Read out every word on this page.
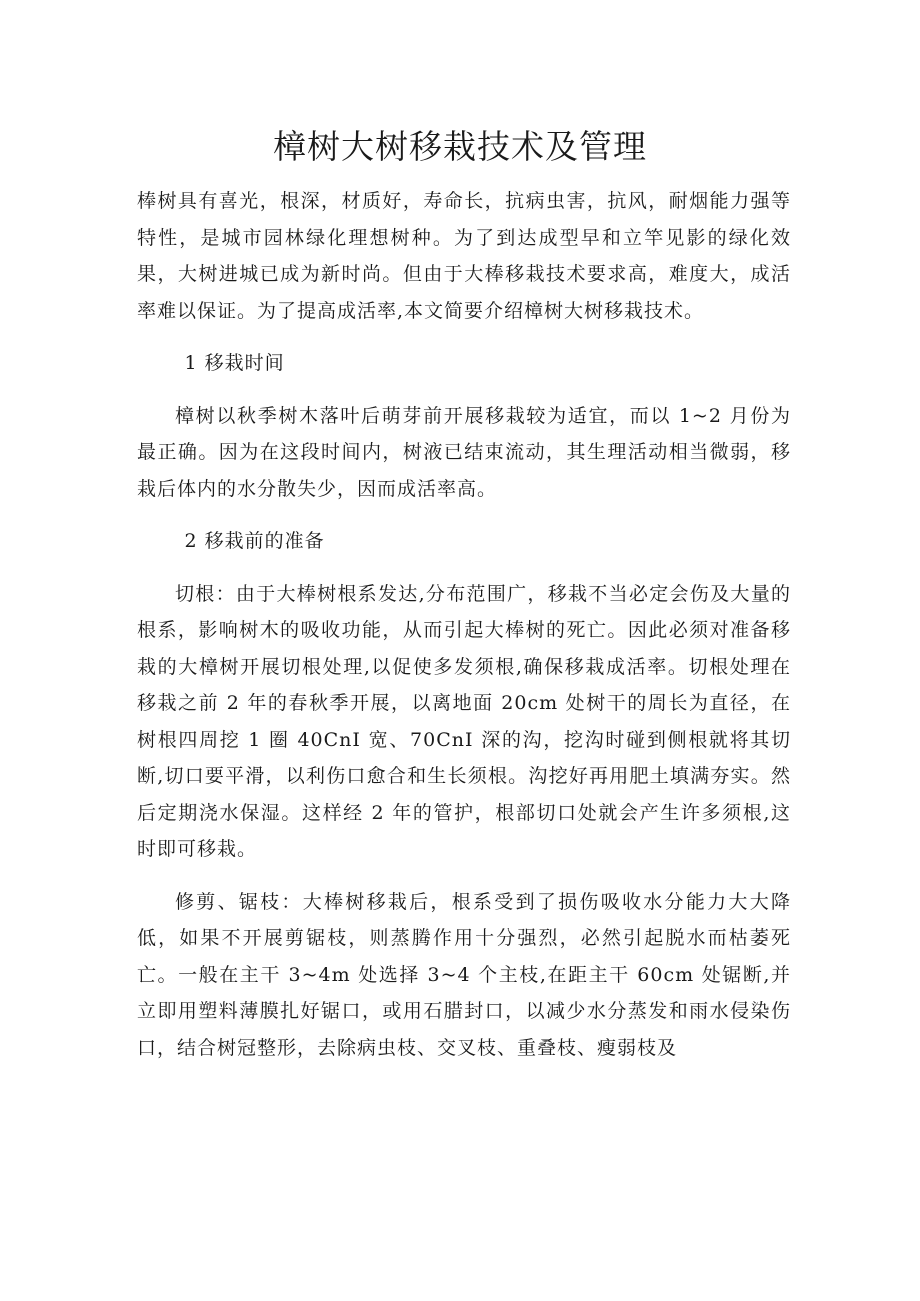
樟树大树移栽技术及管理

棒树具有喜光，根深，材质好，寿命长，抗病虫害，抗风，耐烟能力强等特性，是城市园林绿化理想树种。为了到达成型早和立竿见影的绿化效果，大树进城已成为新时尚。但由于大棒移栽技术要求高，难度大，成活率难以保证。为了提高成活率,本文简要介绍樟树大树移栽技术。

1 移栽时间

樟树以秋季树木落叶后萌芽前开展移栽较为适宜，而以 1~2 月份为最正确。因为在这段时间内，树液已结束流动，其生理活动相当微弱，移栽后体内的水分散失少，因而成活率高。

2 移栽前的准备

切根：由于大棒树根系发达,分布范围广，移栽不当必定会伤及大量的根系，影响树木的吸收功能，从而引起大棒树的死亡。因此必须对准备移栽的大樟树开展切根处理,以促使多发须根,确保移栽成活率。切根处理在移栽之前 2 年的春秋季开展，以离地面 20cm 处树干的周长为直径，在树根四周挖 1 圈 40CnI 宽、70CnI 深的沟，挖沟时碰到侧根就将其切断,切口要平滑，以利伤口愈合和生长须根。沟挖好再用肥土填满夯实。然后定期浇水保湿。这样经 2 年的管护，根部切口处就会产生许多须根,这时即可移栽。

修剪、锯枝：大棒树移栽后，根系受到了损伤吸收水分能力大大降低，如果不开展剪锯枝，则蒸腾作用十分强烈，必然引起脱水而枯萎死亡。一般在主干 3~4m 处选择 3~4 个主枝,在距主干 60cm 处锯断,并立即用塑料薄膜扎好锯口，或用石腊封口，以减少水分蒸发和雨水侵染伤口，结合树冠整形，去除病虫枝、交叉枝、重叠枝、瘦弱枝及
